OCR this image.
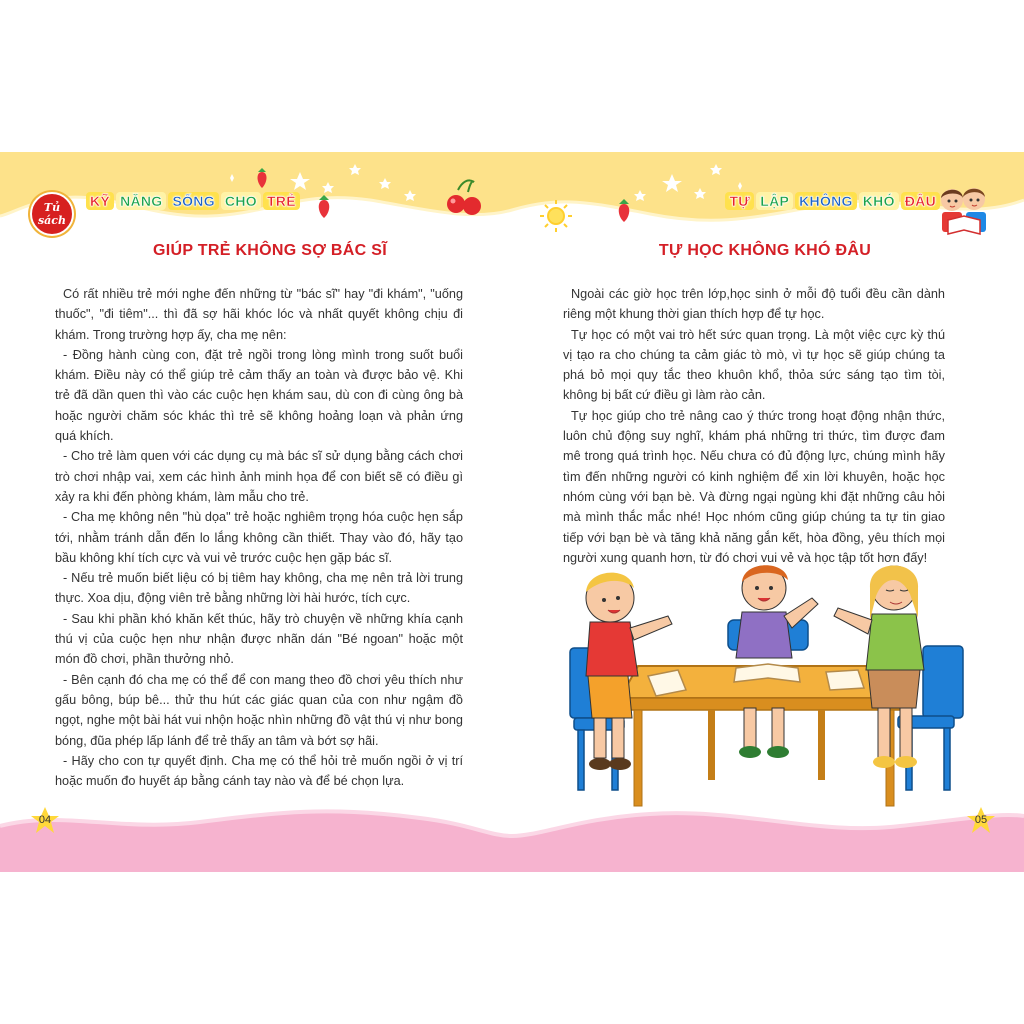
Tủ sách
KỸ NĂNG SỐNG CHO TRẺ	TỰ LẬP KHÔNG KHÓ ĐÂU
GIÚP TRẺ KHÔNG SỢ BÁC SĨ	TỰ HỌC KHÔNG KHÓ ĐÂU

Có rất nhiều trẻ mới nghe đến những từ "bác sĩ" hay "đi khám", "uống thuốc", "đi tiêm"... thì đã sợ hãi khóc lóc và nhất quyết không chịu đi khám. Trong trường hợp ấy, cha mẹ nên:

- Đồng hành cùng con, đặt trẻ ngồi trong lòng mình trong suốt buổi khám. Điều này có thể giúp trẻ cảm thấy an toàn và được bảo vệ. Khi trẻ đã dần quen thì vào các cuộc hẹn khám sau, dù con đi cùng ông bà hoặc người chăm sóc khác thì trẻ sẽ không hoảng loạn và phản ứng quá khích.

- Cho trẻ làm quen với các dụng cụ mà bác sĩ sử dụng bằng cách chơi trò chơi nhập vai, xem các hình ảnh minh họa để con biết sẽ có điều gì xảy ra khi đến phòng khám, làm mẫu cho trẻ.

- Cha mẹ không nên "hù dọa" trẻ hoặc nghiêm trọng hóa cuộc hẹn sắp tới, nhằm tránh dẫn đến lo lắng không cần thiết. Thay vào đó, hãy tạo bầu không khí tích cực và vui vẻ trước cuộc hẹn gặp bác sĩ.

- Nếu trẻ muốn biết liệu có bị tiêm hay không, cha mẹ nên trả lời trung thực. Xoa dịu, động viên trẻ bằng những lời hài hước, tích cực.

- Sau khi phần khó khăn kết thúc, hãy trò chuyện về những khía cạnh thú vị của cuộc hẹn như nhận được nhãn dán "Bé ngoan" hoặc một món đồ chơi, phần thưởng nhỏ.

- Bên cạnh đó cha mẹ có thể để con mang theo đồ chơi yêu thích như gấu bông, búp bê... thử thu hút các giác quan của con như ngậm đồ ngọt, nghe một bài hát vui nhộn hoặc nhìn những đồ vật thú vị như bong bóng, đũa phép lấp lánh để trẻ thấy an tâm và bớt sợ hãi.

- Hãy cho con tự quyết định. Cha mẹ có thể hỏi trẻ muốn ngồi ở vị trí hoặc muốn đo huyết áp bằng cánh tay nào và để bé chọn lựa.

Ngoài các giờ học trên lớp,học sinh ở mỗi độ tuổi đều cần dành riêng một khung thời gian thích hợp để tự học.

Tự học có một vai trò hết sức quan trọng. Là một việc cực kỳ thú vị tạo ra cho chúng ta cảm giác tò mò, vì tự học sẽ giúp chúng ta phá bỏ mọi quy tắc theo khuôn khổ, thỏa sức sáng tạo tìm tòi, không bị bất cứ điều gì làm rào cản.

Tự học giúp cho trẻ nâng cao ý thức trong hoạt động nhận thức, luôn chủ động suy nghĩ, khám phá những tri thức, tìm được đam mê trong quá trình học. Nếu chưa có đủ động lực, chúng mình hãy tìm đến những người có kinh nghiệm để xin lời khuyên, hoặc học nhóm cùng với bạn bè. Và đừng ngại ngùng khi đặt những câu hỏi mà mình thắc mắc nhé! Học nhóm cũng giúp chúng ta tự tin giao tiếp với bạn bè và tăng khả năng gắn kết, hòa đồng, yêu thích mọi người xung quanh hơn, từ đó chơi vui vẻ và học tập tốt hơn đấy!

04	05
